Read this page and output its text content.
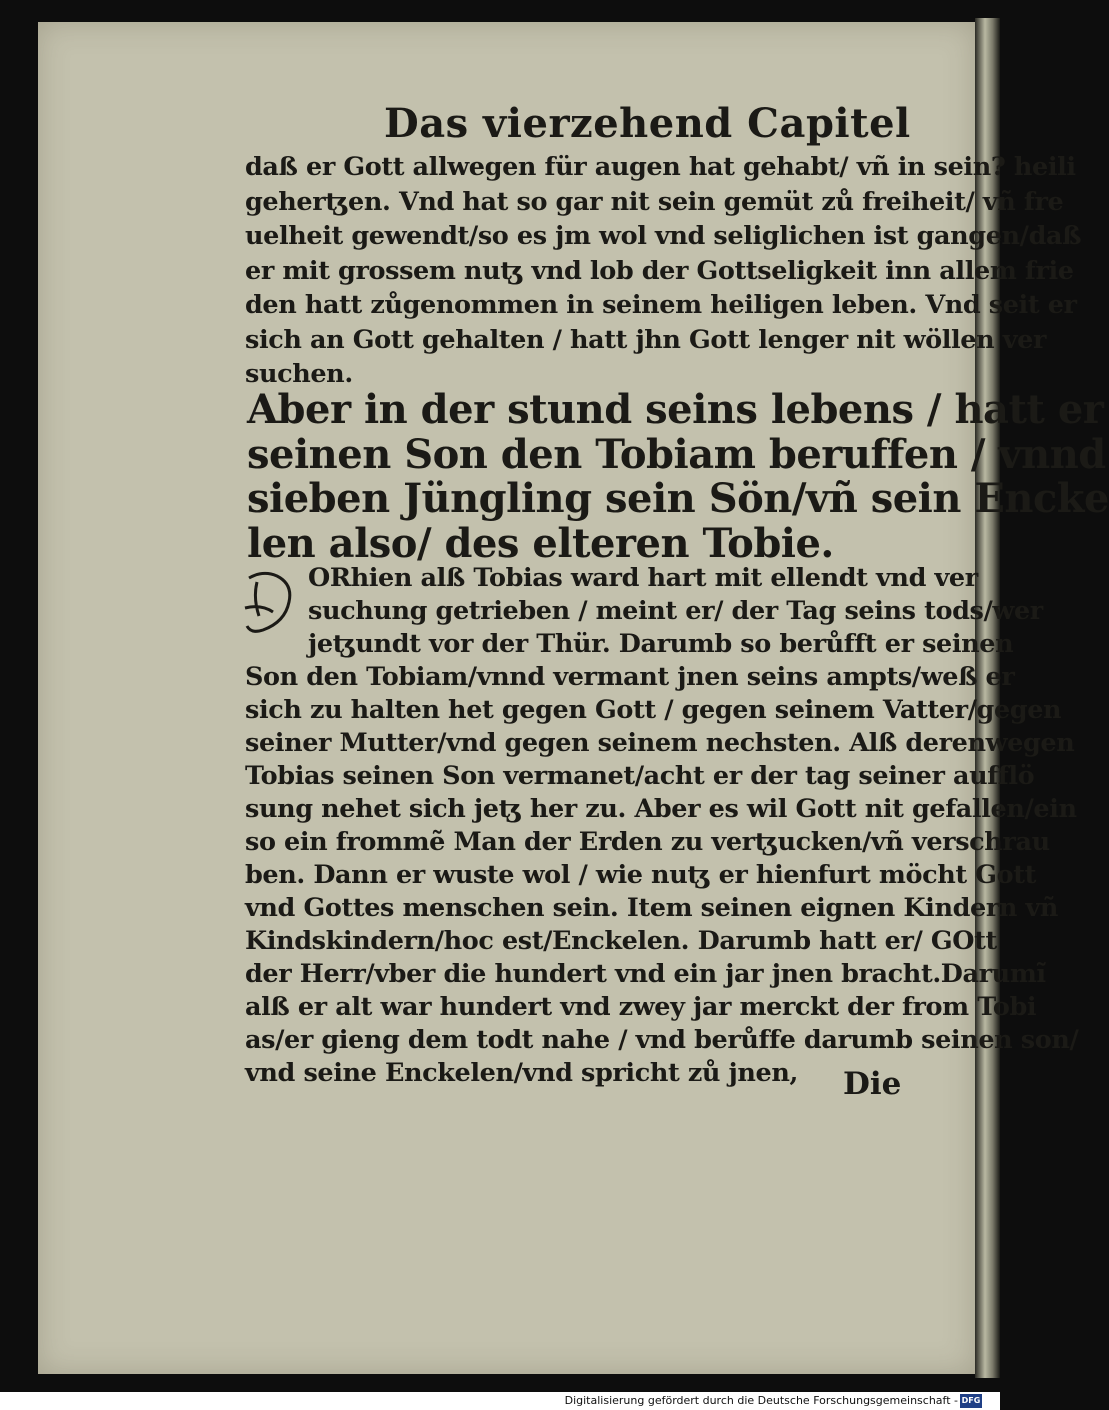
Das vierzehend Capitel
daß er Gott allwegen für augen hat gehabt/ vñ in sein? heili
geherꜩen. Vnd hat so gar nit sein gemüt zů freiheit/ vñ fre
uelheit gewendt/so es jm wol vnd seliglichen ist gangen/daß
er mit grossem nuꜩ vnd lob der Gottseligkeit inn allem frie
den hatt zůgenommen in seinem heiligen leben. Vnd seit er
sich an Gott gehalten / hatt jhn Gott lenger nit wöllen ver
suchen.
Aber in der stund seins lebens / hatt er
seinen Son den Tobiam beruffen / vnnd
sieben Jüngling sein Sön/vñ sein Encke
len also/ des elteren Tobie.
ORhien alß Tobias ward hart mit ellendt vnd ver
suchung getrieben / meint er/ der Tag seins tods/wer
jeꜩundt vor der Thür. Darumb so berůfft er seinen
Son den Tobiam/vnnd vermant jnen seins ampts/weß er
sich zu halten het gegen Gott / gegen seinem Vatter/gegen
seiner Mutter/vnd gegen seinem nechsten. Alß derenwegen
Tobias seinen Son vermanet/acht er der tag seiner aufflö
sung nehet sich jeꜩ her zu. Aber es wil Gott nit gefallen/ein
so ein frommẽ Man der Erden zu verꜩucken/vñ verschrau
ben. Dann er wuste wol / wie nuꜩ er hienfurt möcht Gott
vnd Gottes menschen sein. Item seinen eignen Kindern vñ
Kindskindern/hoc est/Enckelen. Darumb hatt er/ GOtt
der Herr/vber die hundert vnd ein jar jnen bracht.Darumĩ
alß er alt war hundert vnd zwey jar merckt der from Tobi
as/er gieng dem todt nahe / vnd berůffe darumb seinen son/
vnd seine Enckelen/vnd spricht zů jnen, Die
Digitalisierung gefördert durch die Deutsche Forschungsgemeinschaft - DFG
